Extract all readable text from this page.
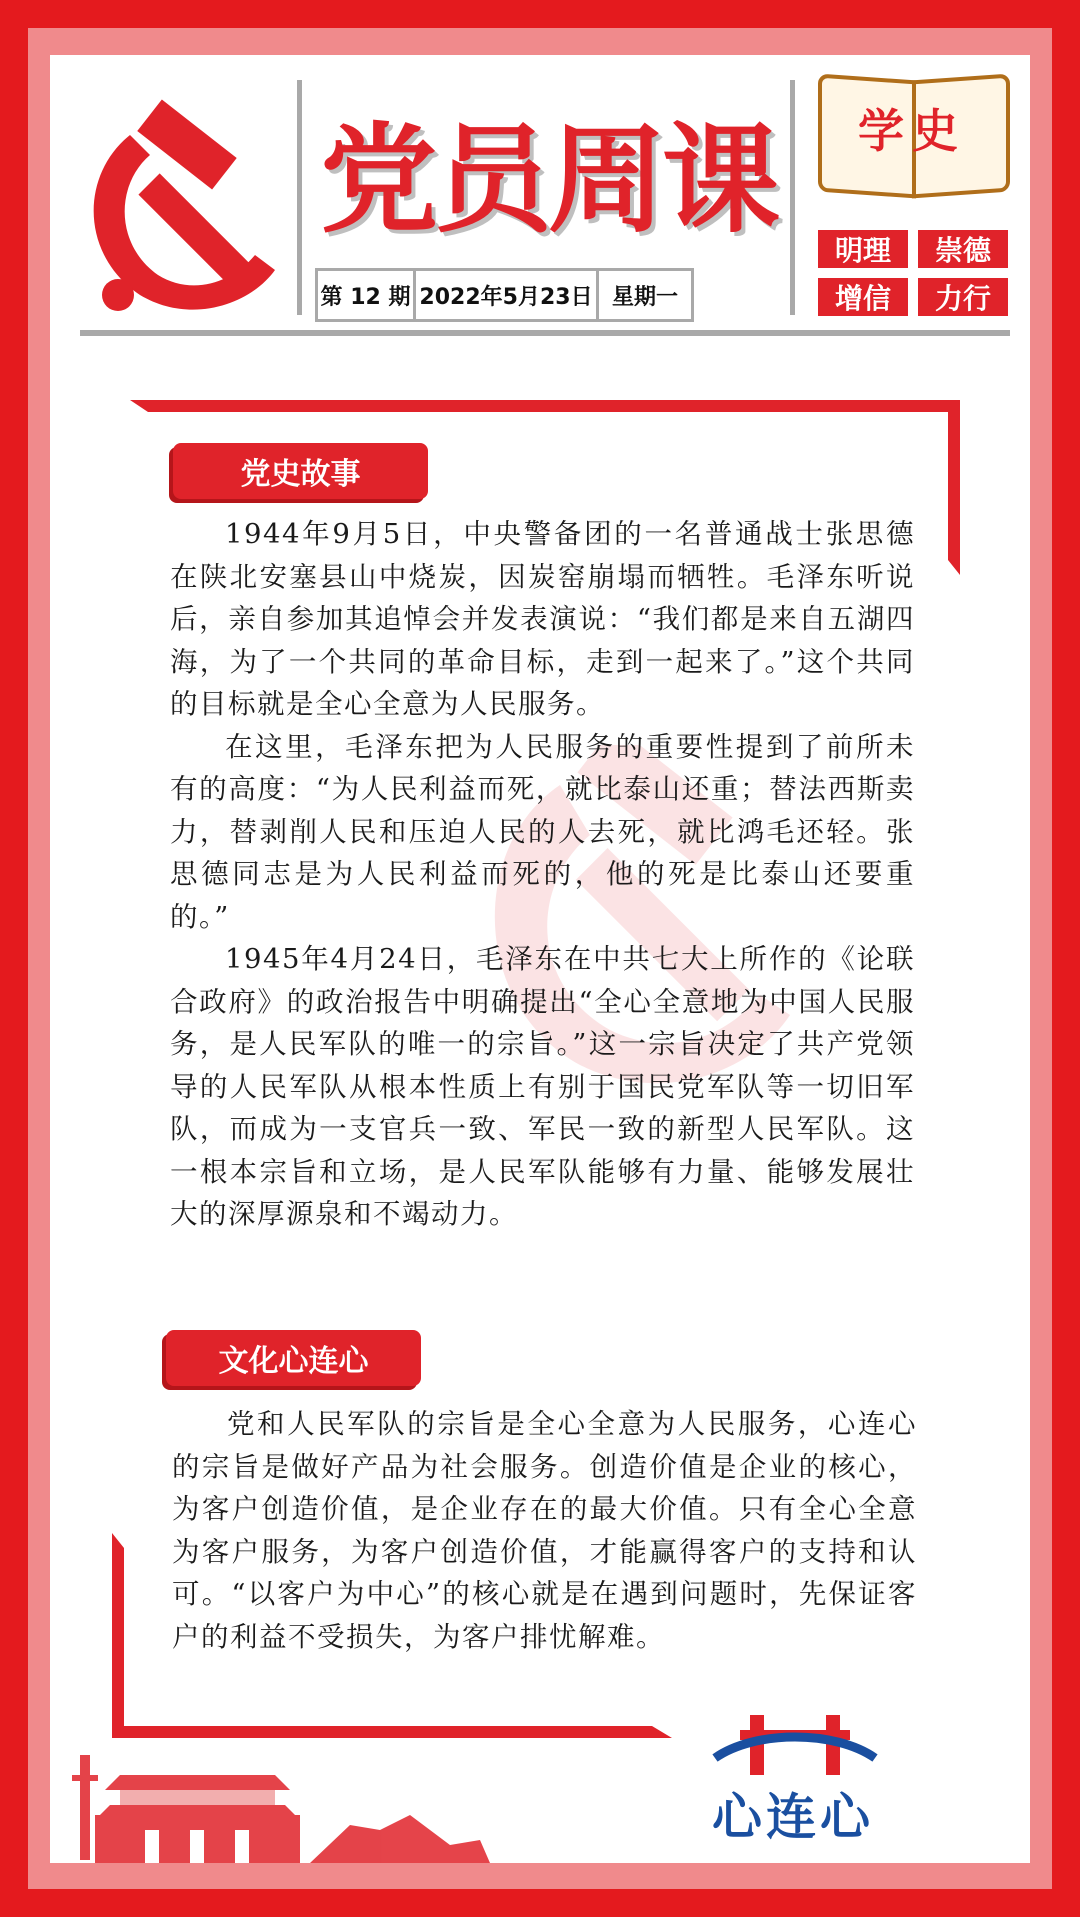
党员周课
第 12 期 2022年5月23日 星期一
学史
明理	崇德
增信	力行
党史故事

1944年9月5日，中央警备团的一名普通战士张思德在陕北安塞县山中烧炭，因炭窑崩塌而牺牲。毛泽东听说后，亲自参加其追悼会并发表演说：“我们都是来自五湖四海，为了一个共同的革命目标，走到一起来了。”这个共同的目标就是全心全意为人民服务。

在这里，毛泽东把为人民服务的重要性提到了前所未有的高度：“为人民利益而死，就比泰山还重；替法西斯卖力，替剥削人民和压迫人民的人去死，就比鸿毛还轻。张思德同志是为人民利益而死的，他的死是比泰山还要重的。”

1945年4月24日，毛泽东在中共七大上所作的《论联合政府》的政治报告中明确提出“全心全意地为中国人民服务，是人民军队的唯一的宗旨。”这一宗旨决定了共产党领导的人民军队从根本性质上有别于国民党军队等一切旧军队，而成为一支官兵一致、军民一致的新型人民军队。这一根本宗旨和立场，是人民军队能够有力量、能够发展壮大的深厚源泉和不竭动力。

文化心连心

党和人民军队的宗旨是全心全意为人民服务，心连心的宗旨是做好产品为社会服务。创造价值是企业的核心，为客户创造价值，是企业存在的最大价值。只有全心全意为客户服务，为客户创造价值，才能赢得客户的支持和认可。“以客户为中心”的核心就是在遇到问题时，先保证客户的利益不受损失，为客户排忧解难。

心连心
